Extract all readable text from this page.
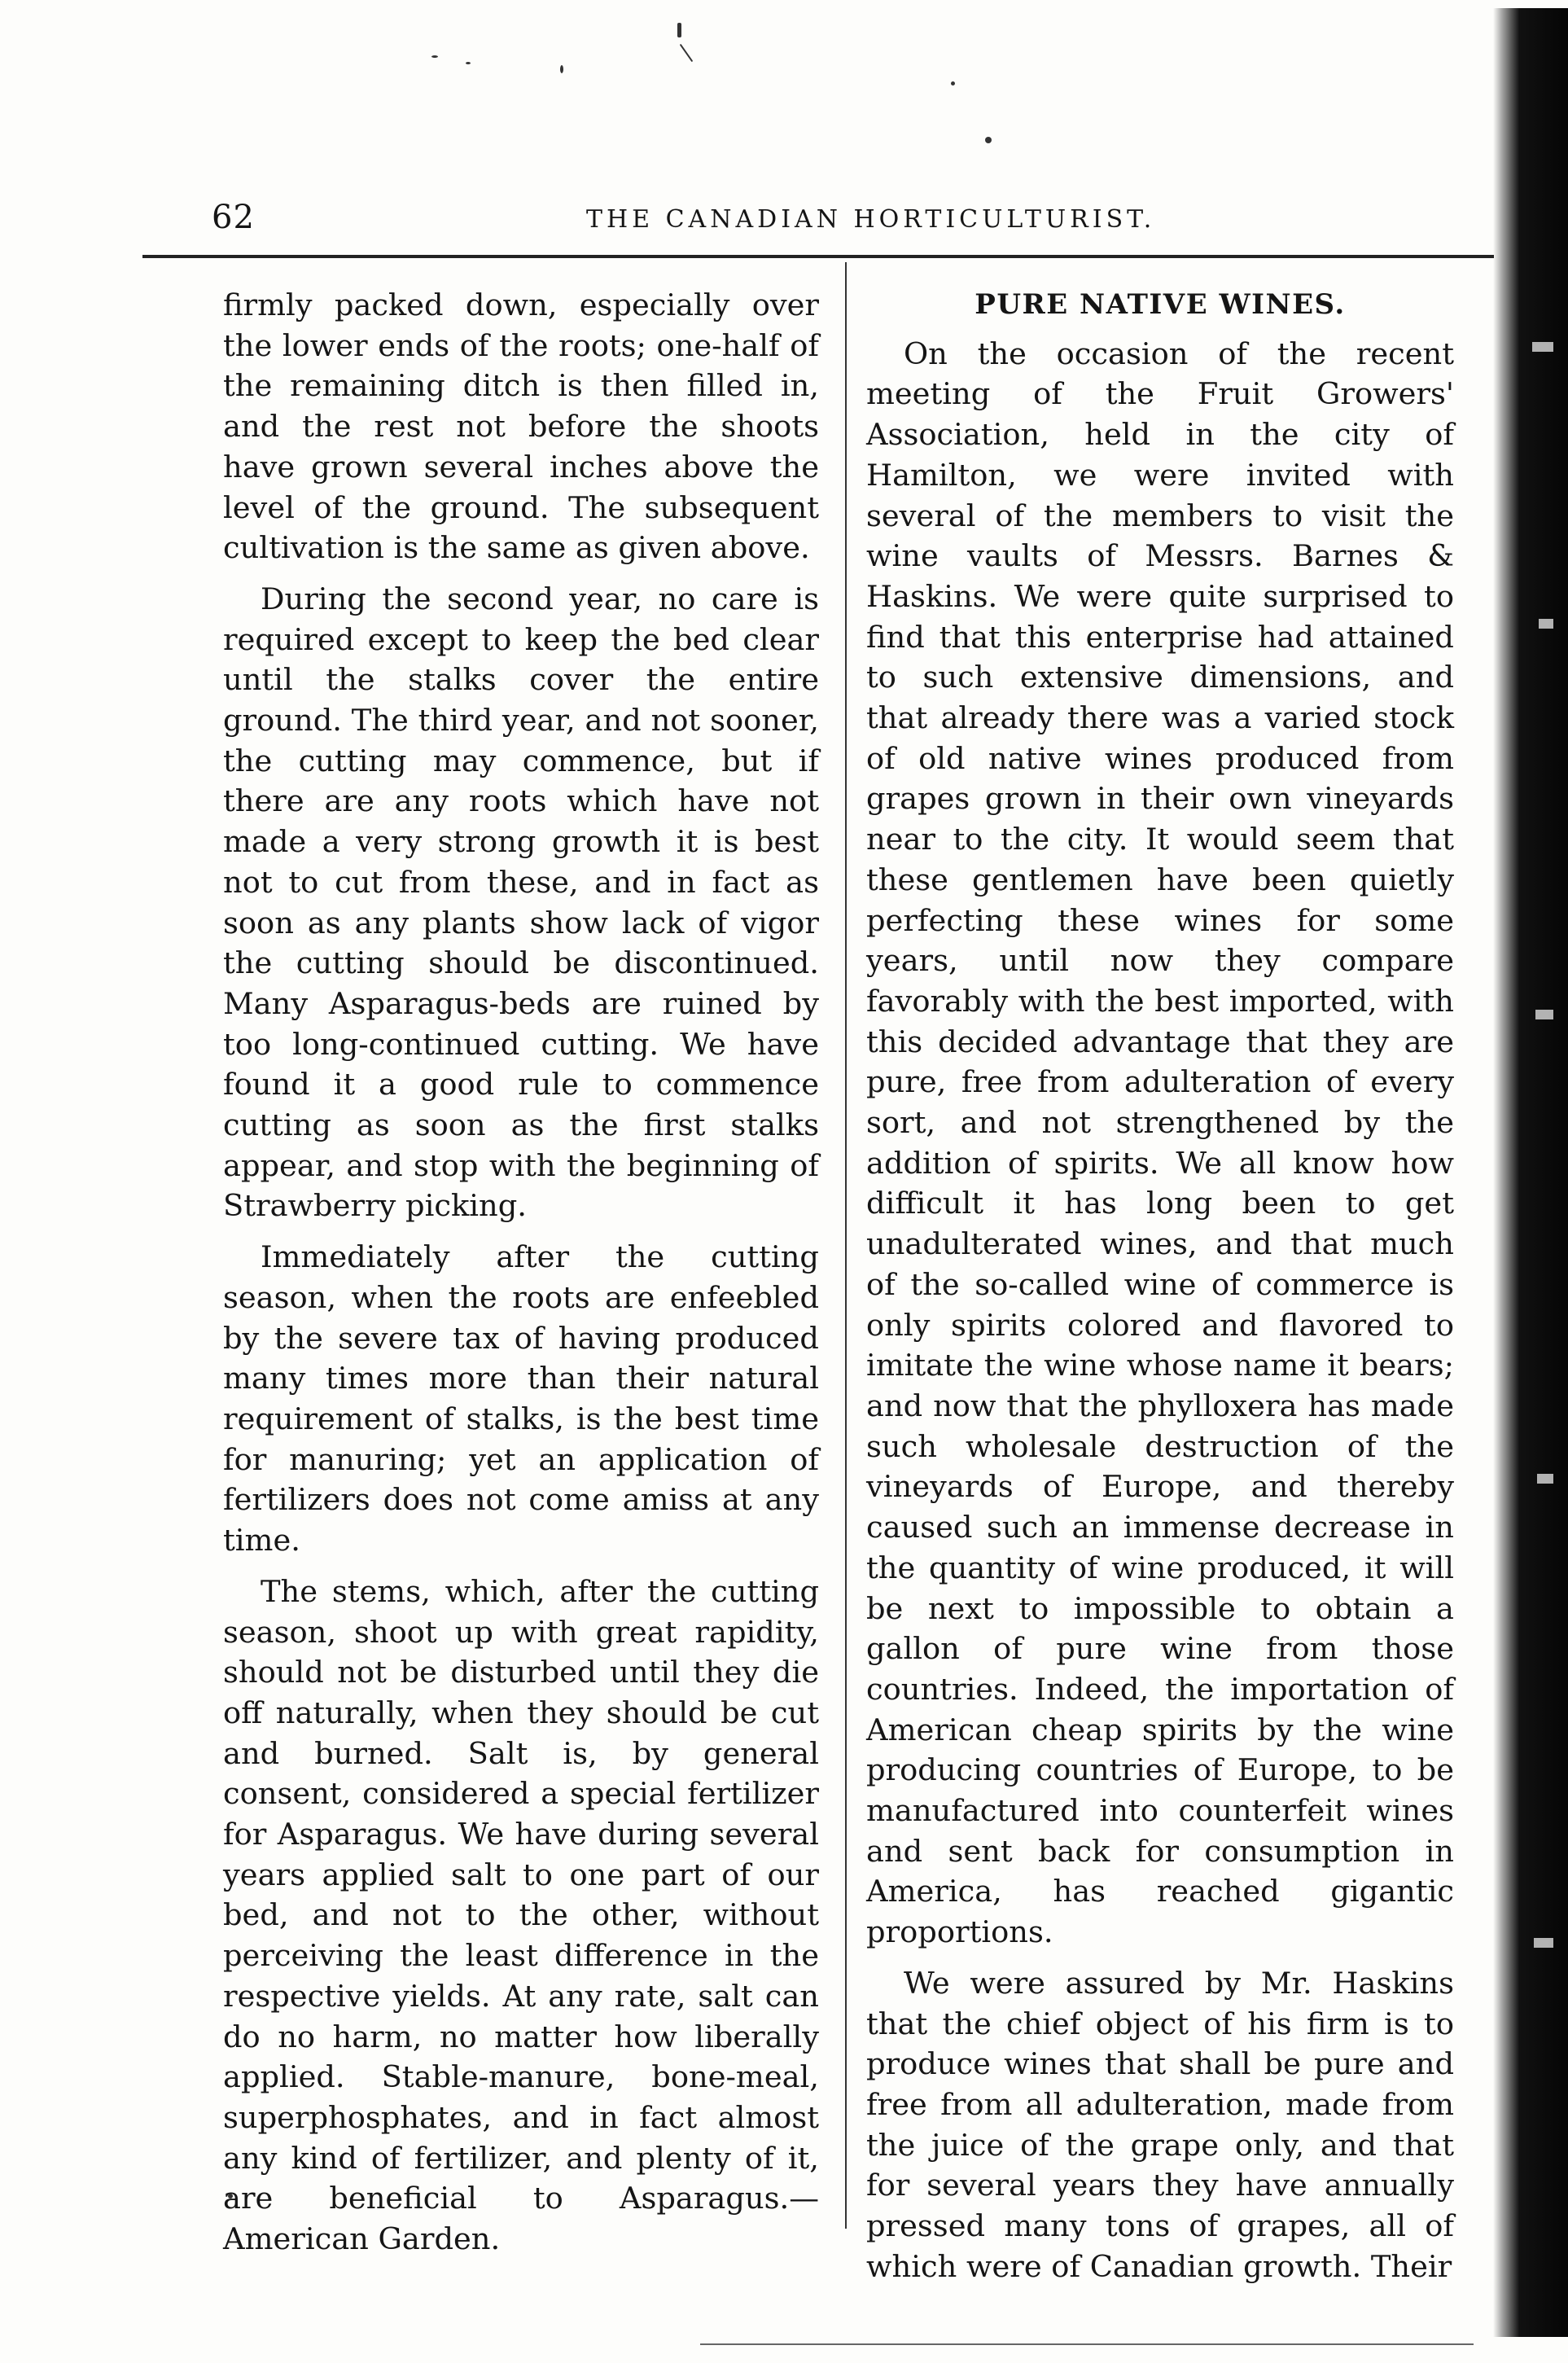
62	THE CANADIAN HORTICULTURIST.

firmly packed down, especially over the lower ends of the roots; one-half of the remaining ditch is then filled in, and the rest not before the shoots have grown several inches above the level of the ground. The subsequent cultivation is the same as given above.

During the second year, no care is required except to keep the bed clear until the stalks cover the entire ground. The third year, and not sooner, the cutting may commence, but if there are any roots which have not made a very strong growth it is best not to cut from these, and in fact as soon as any plants show lack of vigor the cutting should be discontinued. Many Asparagus-beds are ruined by too long-continued cutting. We have found it a good rule to commence cutting as soon as the first stalks appear, and stop with the beginning of Strawberry picking.

Immediately after the cutting season, when the roots are enfeebled by the severe tax of having produced many times more than their natural requirement of stalks, is the best time for manuring; yet an application of fertilizers does not come amiss at any time.

The stems, which, after the cutting season, shoot up with great rapidity, should not be disturbed until they die off naturally, when they should be cut and burned. Salt is, by general consent, considered a special fertilizer for Asparagus. We have during several years applied salt to one part of our bed, and not to the other, without perceiving the least difference in the respective yields. At any rate, salt can do no harm, no matter how liberally applied. Stable-manure, bone-meal, superphosphates, and in fact almost any kind of fertilizer, and plenty of it, are beneficial to Asparagus.—American Garden.

PURE NATIVE WINES.

On the occasion of the recent meeting of the Fruit Growers' Association, held in the city of Hamilton, we were invited with several of the members to visit the wine vaults of Messrs. Barnes & Haskins. We were quite surprised to find that this enterprise had attained to such extensive dimensions, and that already there was a varied stock of old native wines produced from grapes grown in their own vineyards near to the city. It would seem that these gentlemen have been quietly perfecting these wines for some years, until now they compare favorably with the best imported, with this decided advantage that they are pure, free from adulteration of every sort, and not strengthened by the addition of spirits. We all know how difficult it has long been to get unadulterated wines, and that much of the so-called wine of commerce is only spirits colored and flavored to imitate the wine whose name it bears; and now that the phylloxera has made such wholesale destruction of the vineyards of Europe, and thereby caused such an immense decrease in the quantity of wine produced, it will be next to impossible to obtain a gallon of pure wine from those countries. Indeed, the importation of American cheap spirits by the wine producing countries of Europe, to be manufactured into counterfeit wines and sent back for consumption in America, has reached gigantic proportions.

We were assured by Mr. Haskins that the chief object of his firm is to produce wines that shall be pure and free from all adulteration, made from the juice of the grape only, and that for several years they have annually pressed many tons of grapes, all of which were of Canadian growth. Their
